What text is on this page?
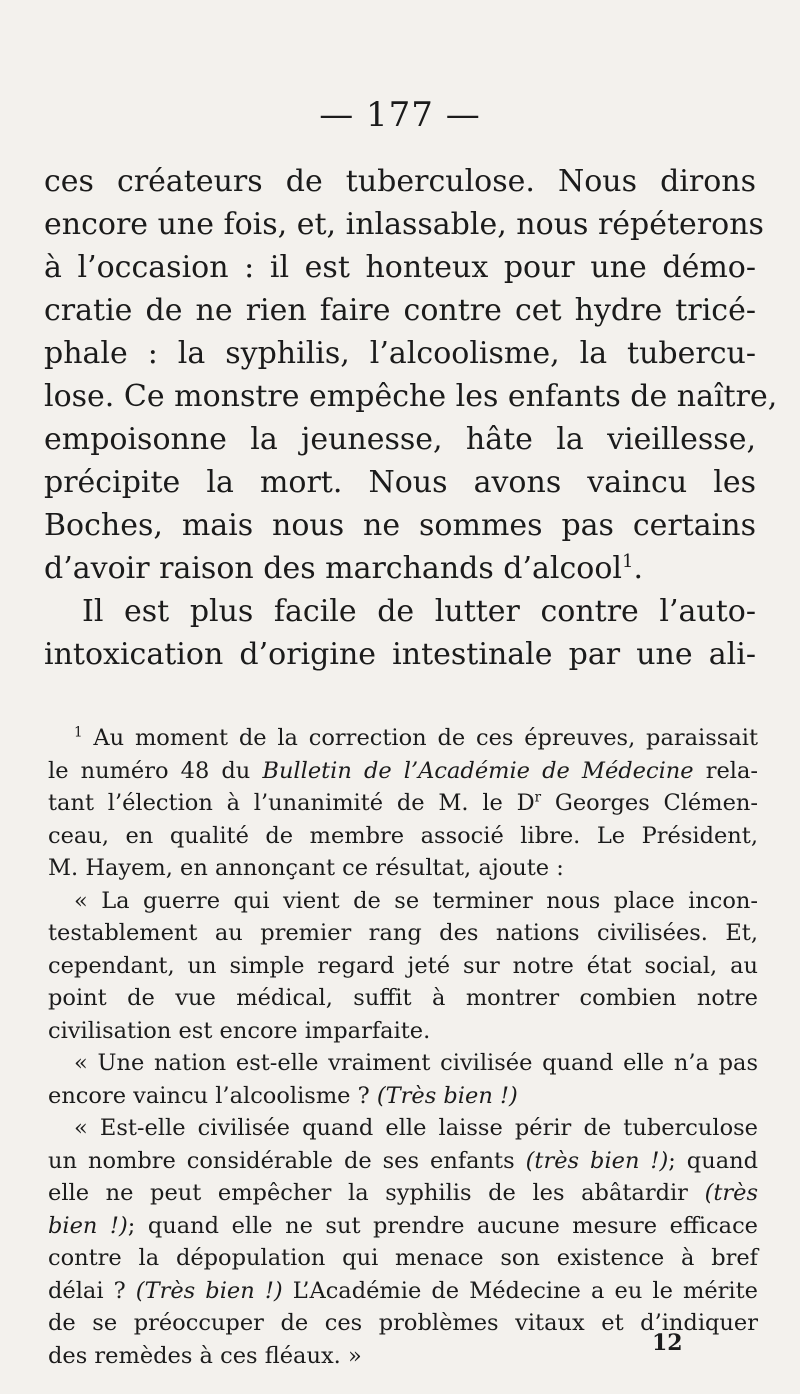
— 177 —
ces créateurs de tuberculose. Nous dirons
encore une fois, et, inlassable, nous répéterons
à l’occasion : il est honteux pour une démo-
cratie de ne rien faire contre cet hydre tricé-
phale : la syphilis, l’alcoolisme, la tubercu-
lose. Ce monstre empêche les enfants de naître,
empoisonne la jeunesse, hâte la vieillesse,
précipite la mort. Nous avons vaincu les
Boches, mais nous ne sommes pas certains
d’avoir raison des marchands d’alcool$^1$.
Il est plus facile de lutter contre l’auto-
intoxication d’origine intestinale par une ali-
$^1$ Au moment de la correction de ces épreuves, paraissait
le numéro 48 du Bulletin de l’Académie de Médecine rela-
tant l’élection à l’unanimité de M. le $D^r$ Georges Clémen-
ceau, en qualité de membre associé libre. Le Président,
M. Hayem, en annonçant ce résultat, ajoute :
« La guerre qui vient de se terminer nous place incon-
testablement au premier rang des nations civilisées. Et,
cependant, un simple regard jeté sur notre état social, au
point de vue médical, suffit à montrer combien notre
civilisation est encore imparfaite.
« Une nation est-elle vraiment civilisée quand elle n’a pas
encore vaincu l’alcoolisme ? (Très bien !)
« Est-elle civilisée quand elle laisse périr de tuberculose
un nombre considérable de ses enfants (très bien !); quand
elle ne peut empêcher la syphilis de les abâtardir (très
bien !); quand elle ne sut prendre aucune mesure efficace
contre la dépopulation qui menace son existence à bref
délai ? (Très bien !) L’Académie de Médecine a eu le mérite
de se préoccuper de ces problèmes vitaux et d’indiquer
des remèdes à ces fléaux. »	12
